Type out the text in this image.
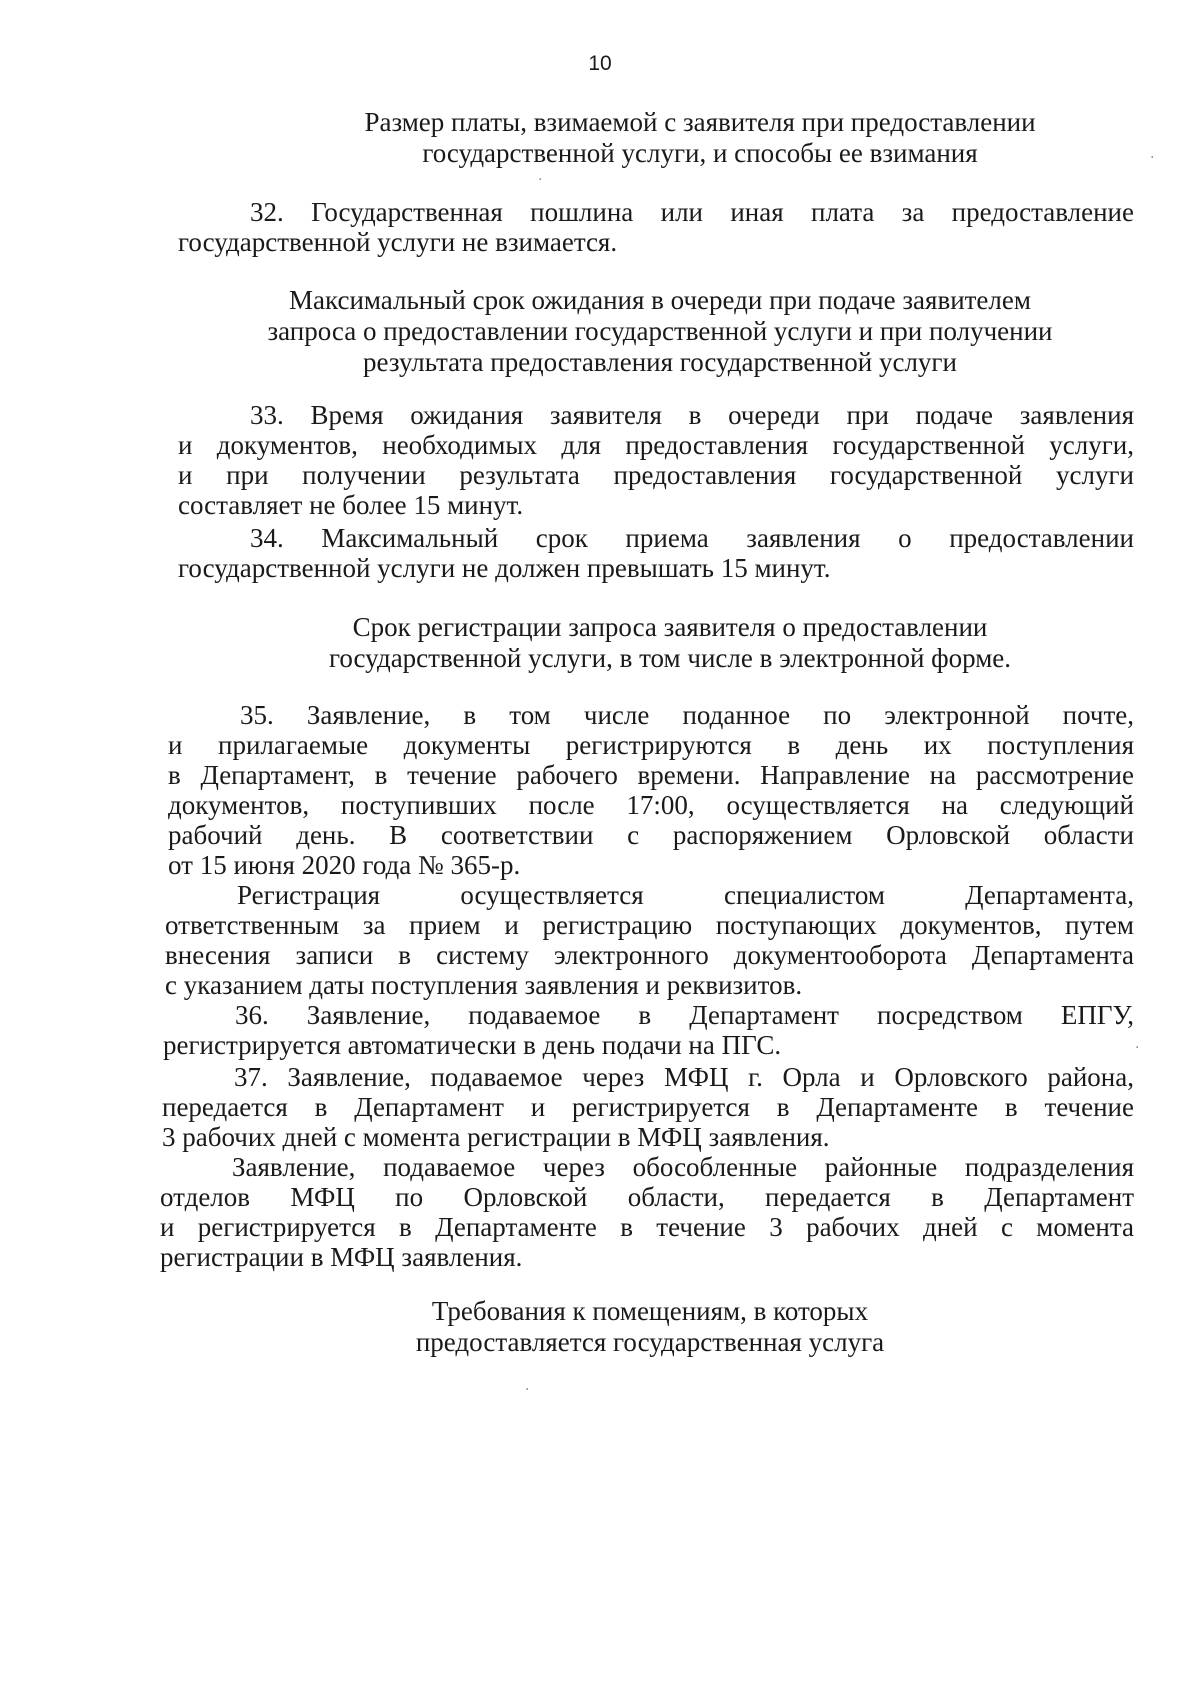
10
Размер платы, взимаемой с заявителя при предоставлении
государственной услуги, и способы ее взимания
32. Государственная пошлина или иная плата за предоставление
государственной услуги не взимается.
Максимальный срок ожидания в очереди при подаче заявителем
запроса о предоставлении государственной услуги и при получении
результата предоставления государственной услуги
33. Время ожидания заявителя в очереди при подаче заявления
и документов, необходимых для предоставления государственной услуги,
и при получении результата предоставления государственной услуги
составляет не более 15 минут.
34. Максимальный срок приема заявления о предоставлении
государственной услуги не должен превышать 15 минут.
Срок регистрации запроса заявителя о предоставлении
государственной услуги, в том числе в электронной форме.
35. Заявление, в том числе поданное по электронной почте,
и прилагаемые документы регистрируются в день их поступления
в Департамент, в течение рабочего времени. Направление на рассмотрение
документов, поступивших после 17:00, осуществляется на следующий
рабочий день. В соответствии с распоряжением Орловской области
от 15 июня 2020 года № 365-р.
Регистрация осуществляется специалистом Департамента,
ответственным за прием и регистрацию поступающих документов, путем
внесения записи в систему электронного документооборота Департамента
с указанием даты поступления заявления и реквизитов.
36. Заявление, подаваемое в Департамент посредством ЕПГУ,
регистрируется автоматически в день подачи на ПГС.
37. Заявление, подаваемое через МФЦ г. Орла и Орловского района,
передается в Департамент и регистрируется в Департаменте в течение
3 рабочих дней с момента регистрации в МФЦ заявления.
Заявление, подаваемое через обособленные районные подразделения
отделов МФЦ по Орловской области, передается в Департамент
и регистрируется в Департаменте в течение 3 рабочих дней с момента
регистрации в МФЦ заявления.
Требования к помещениям, в которых
предоставляется государственная услуга
·
·
·
·
